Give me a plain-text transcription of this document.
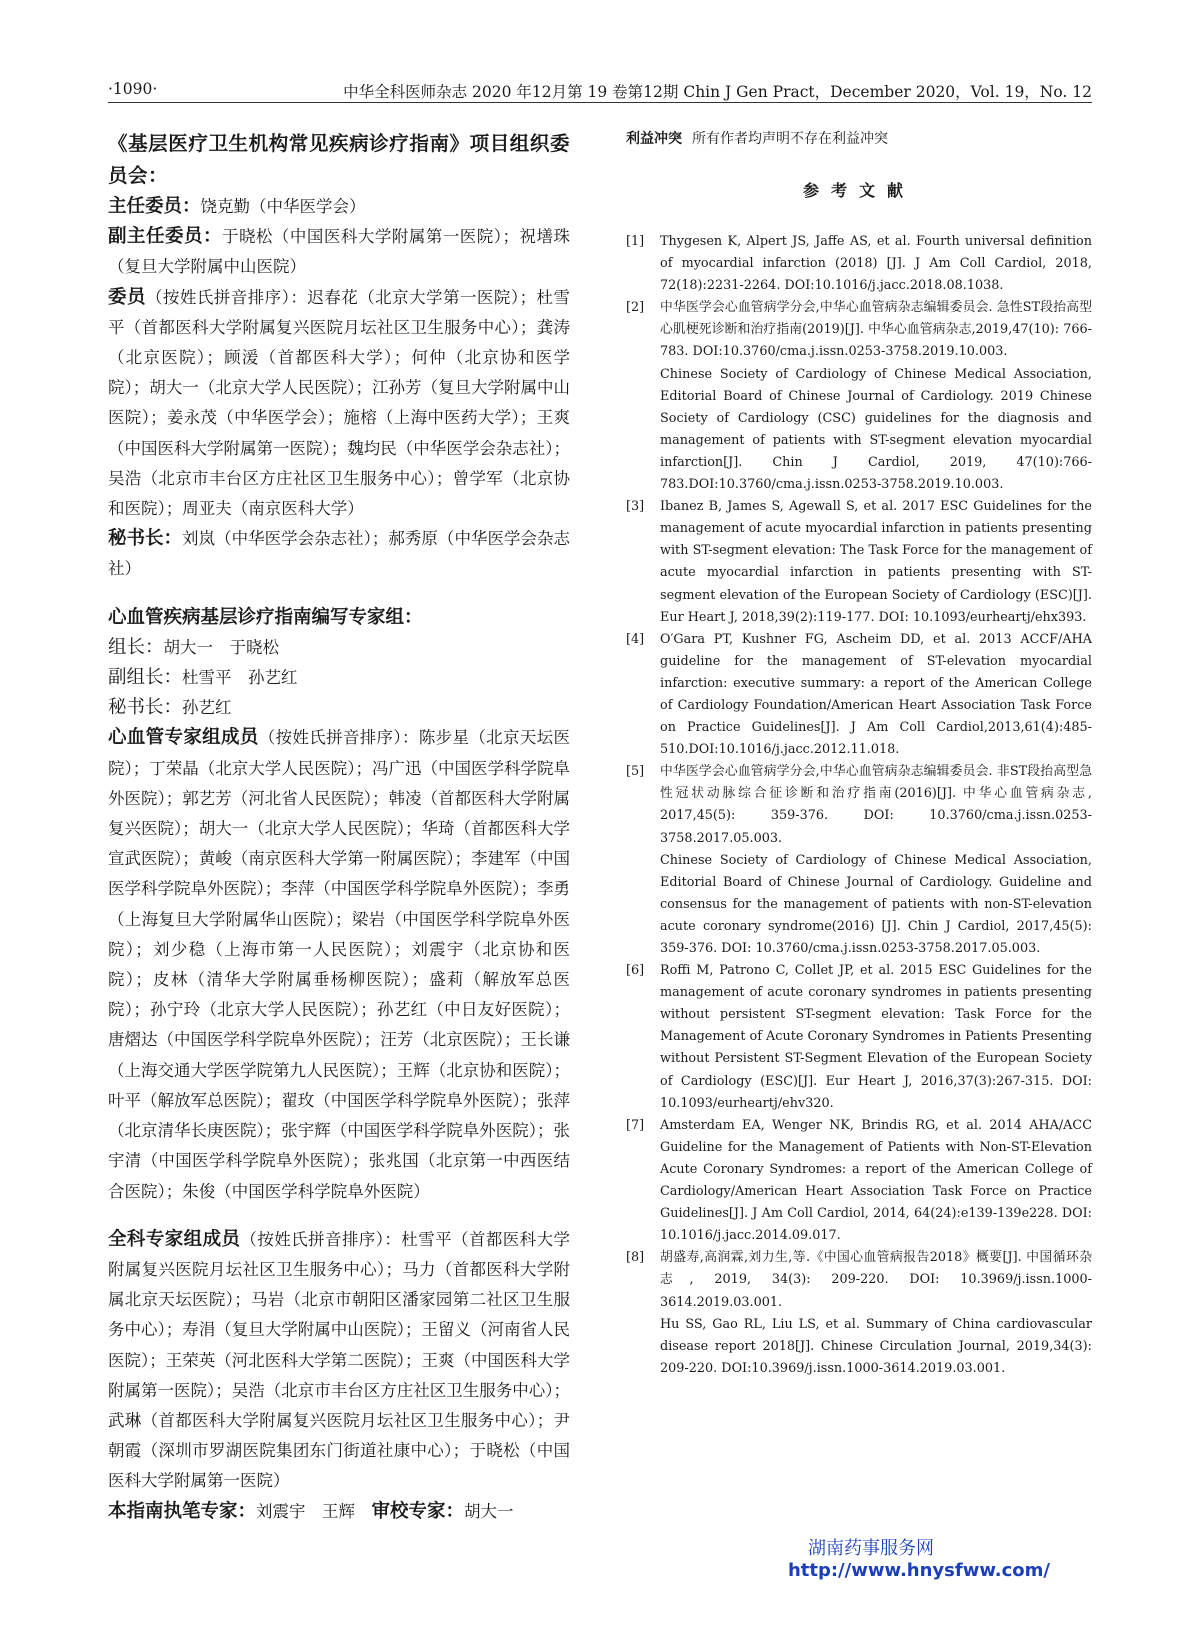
·1090·	中华全科医师杂志 2020 年12月第 19 卷第12期 Chin J Gen Pract，December 2020，Vol. 19，No. 12

《基层医疗卫生机构常见疾病诊疗指南》项目组织委员会：

主任委员：饶克勤（中华医学会）

副主任委员：于晓松（中国医科大学附属第一医院）；祝墡珠（复旦大学附属中山医院）

委员（按姓氏拼音排序）：迟春花（北京大学第一医院）；杜雪平（首都医科大学附属复兴医院月坛社区卫生服务中心）；龚涛（北京医院）；顾湲（首都医科大学）；何仲（北京协和医学院）；胡大一（北京大学人民医院）；江孙芳（复旦大学附属中山医院）；姜永茂（中华医学会）；施榕（上海中医药大学）；王爽（中国医科大学附属第一医院）；魏均民（中华医学会杂志社）；吴浩（北京市丰台区方庄社区卫生服务中心）；曾学军（北京协和医院）；周亚夫（南京医科大学）

秘书长：刘岚（中华医学会杂志社）；郝秀原（中华医学会杂志社）

心血管疾病基层诊疗指南编写专家组：

组长：胡大一　于晓松

副组长：杜雪平　孙艺红

秘书长：孙艺红

心血管专家组成员（按姓氏拼音排序）：陈步星（北京天坛医院）；丁荣晶（北京大学人民医院）；冯广迅（中国医学科学院阜外医院）；郭艺芳（河北省人民医院）；韩凌（首都医科大学附属复兴医院）；胡大一（北京大学人民医院）；华琦（首都医科大学宣武医院）；黄峻（南京医科大学第一附属医院）；李建军（中国医学科学院阜外医院）；李萍（中国医学科学院阜外医院）；李勇（上海复旦大学附属华山医院）；梁岩（中国医学科学院阜外医院）；刘少稳（上海市第一人民医院）；刘震宇（北京协和医院）；皮林（清华大学附属垂杨柳医院）；盛莉（解放军总医院）；孙宁玲（北京大学人民医院）；孙艺红（中日友好医院）；唐熠达（中国医学科学院阜外医院）；汪芳（北京医院）；王长谦（上海交通大学医学院第九人民医院）；王辉（北京协和医院）；叶平（解放军总医院）；翟玫（中国医学科学院阜外医院）；张萍（北京清华长庚医院）；张宇辉（中国医学科学院阜外医院）；张宇清（中国医学科学院阜外医院）；张兆国（北京第一中西医结合医院）；朱俊（中国医学科学院阜外医院）

全科专家组成员（按姓氏拼音排序）：杜雪平（首都医科大学附属复兴医院月坛社区卫生服务中心）；马力（首都医科大学附属北京天坛医院）；马岩（北京市朝阳区潘家园第二社区卫生服务中心）；寿涓（复旦大学附属中山医院）；王留义（河南省人民医院）；王荣英（河北医科大学第二医院）；王爽（中国医科大学附属第一医院）；吴浩（北京市丰台区方庄社区卫生服务中心）；武琳（首都医科大学附属复兴医院月坛社区卫生服务中心）；尹朝霞（深圳市罗湖医院集团东门街道社康中心）；于晓松（中国医科大学附属第一医院）

本指南执笔专家：刘震宇　王辉　 审校专家：胡大一

利益冲突 所有作者均声明不存在利益冲突
参考文献
[1] Thygesen K, Alpert JS, Jaffe AS, et al. Fourth universal definition of myocardial infarction (2018) [J]. J Am Coll Cardiol, 2018, 72(18):2231-2264. DOI:10.1016/j.jacc.2018.08.1038.
[2] 中华医学会心血管病学分会,中华心血管病杂志编辑委员会. 急性ST段抬高型心肌梗死诊断和治疗指南(2019)[J]. 中华心血管病杂志,2019,47(10): 766-783. DOI:10.3760/cma.j.issn.0253-3758.2019.10.003.
Chinese Society of Cardiology of Chinese Medical Association, Editorial Board of Chinese Journal of Cardiology. 2019 Chinese Society of Cardiology (CSC) guidelines for the diagnosis and management of patients with ST-segment elevation myocardial infarction[J]. Chin J Cardiol, 2019, 47(10):766-783.DOI:10.3760/cma.j.issn.0253-3758.2019.10.003.
[3] Ibanez B, James S, Agewall S, et al. 2017 ESC Guidelines for the management of acute myocardial infarction in patients presenting with ST-segment elevation: The Task Force for the management of acute myocardial infarction in patients presenting with ST-segment elevation of the European Society of Cardiology (ESC)[J]. Eur Heart J, 2018,39(2):119-177. DOI: 10.1093/eurheartj/ehx393.
[4] O′Gara PT, Kushner FG, Ascheim DD, et al. 2013 ACCF/AHA guideline for the management of ST-elevation myocardial infarction: executive summary: a report of the American College of Cardiology Foundation/American Heart Association Task Force on Practice Guidelines[J]. J Am Coll Cardiol,2013,61(4):485-510.DOI:10.1016/j.jacc.2012.11.018.
[5] 中华医学会心血管病学分会,中华心血管病杂志编辑委员会. 非ST段抬高型急性冠状动脉综合征诊断和治疗指南(2016)[J]. 中华心血管病杂志, 2017,45(5): 359-376. DOI: 10.3760/cma.j.issn.0253-3758.2017.05.003.
Chinese Society of Cardiology of Chinese Medical Association, Editorial Board of Chinese Journal of Cardiology. Guideline and consensus for the management of patients with non-ST-elevation acute coronary syndrome(2016) [J]. Chin J Cardiol, 2017,45(5): 359-376. DOI: 10.3760/cma.j.issn.0253-3758.2017.05.003.
[6] Roffi M, Patrono C, Collet JP, et al. 2015 ESC Guidelines for the management of acute coronary syndromes in patients presenting without persistent ST-segment elevation: Task Force for the Management of Acute Coronary Syndromes in Patients Presenting without Persistent ST-Segment Elevation of the European Society of Cardiology (ESC)[J]. Eur Heart J, 2016,37(3):267-315. DOI: 10.1093/eurheartj/ehv320.
[7] Amsterdam EA, Wenger NK, Brindis RG, et al. 2014 AHA/ACC Guideline for the Management of Patients with Non-ST-Elevation Acute Coronary Syndromes: a report of the American College of Cardiology/American Heart Association Task Force on Practice Guidelines[J]. J Am Coll Cardiol, 2014, 64(24):e139-139e228. DOI: 10.1016/j.jacc.2014.09.017.
[8] 胡盛寿,高润霖,刘力生,等.《中国心血管病报告2018》概要[J]. 中国循环杂志, 2019, 34(3): 209-220. DOI: 10.3969/j.issn.1000-3614.2019.03.001.
Hu SS, Gao RL, Liu LS, et al. Summary of China cardiovascular disease report 2018[J]. Chinese Circulation Journal, 2019,34(3): 209-220. DOI:10.3969/j.issn.1000-3614.2019.03.001.
湖南药事服务网
http://www.hnysfww.com/
